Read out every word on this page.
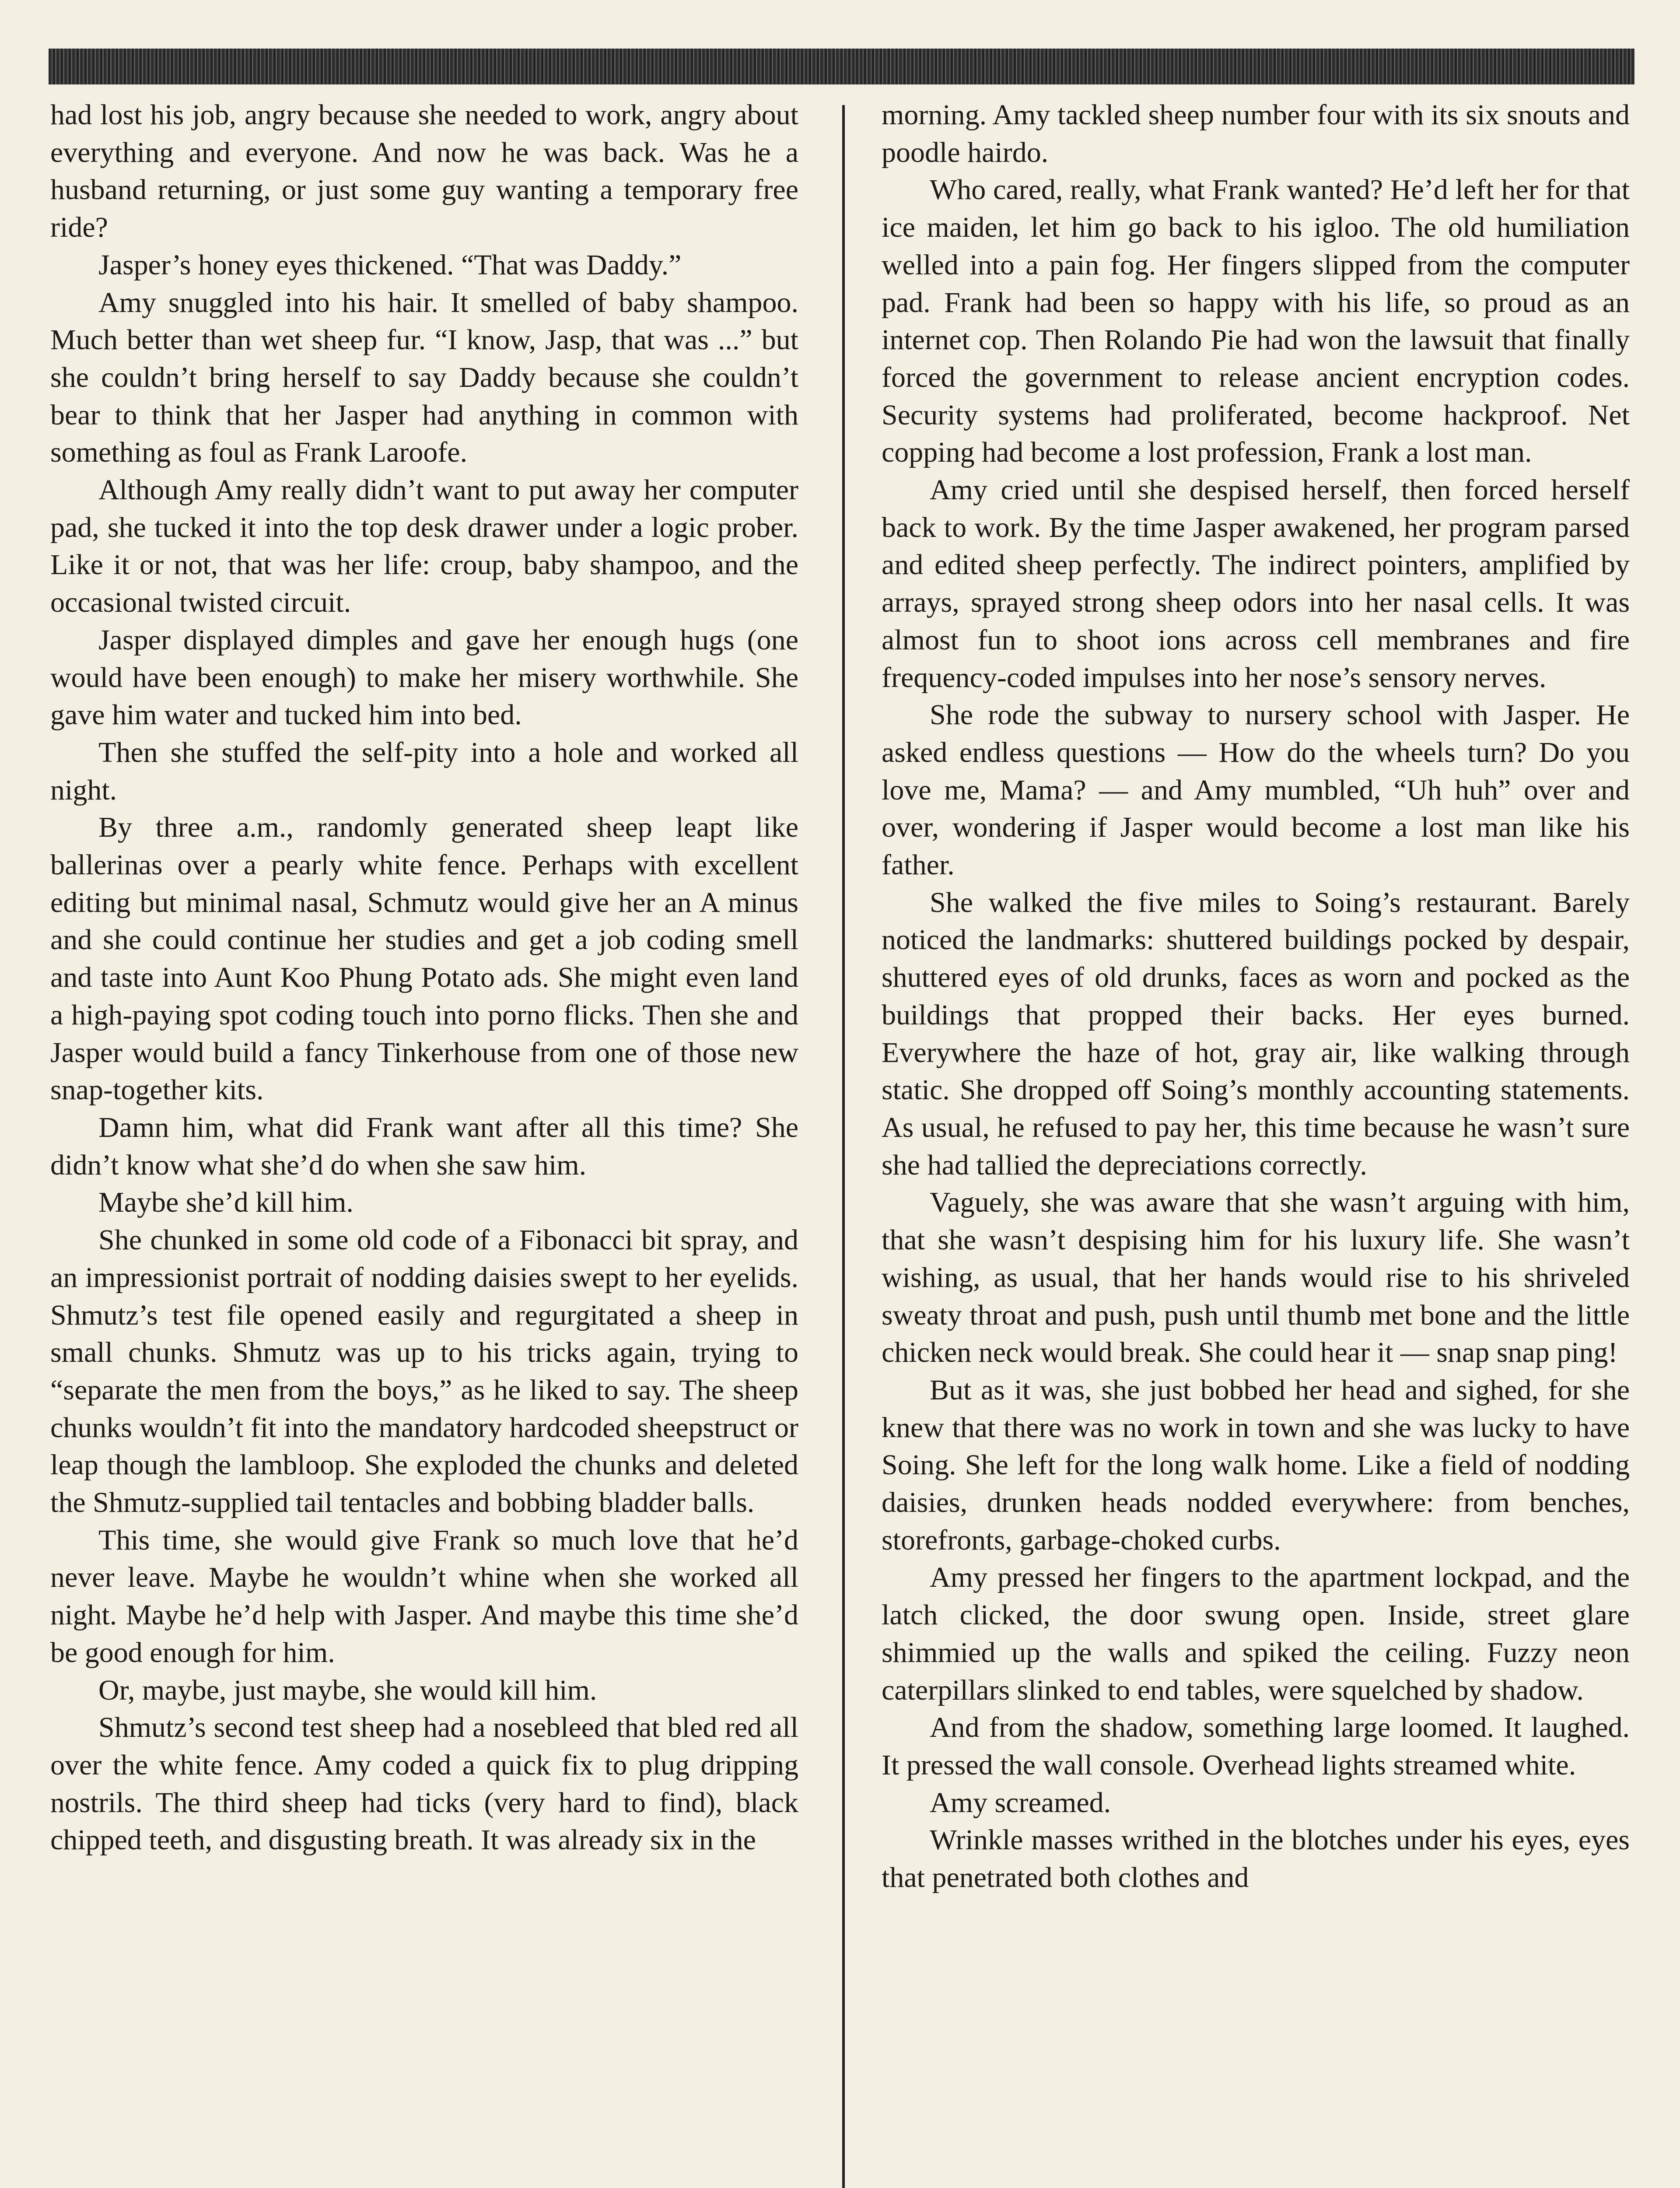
had lost his job, angry because she needed to work, angry about everything and everyone. And now he was back. Was he a husband returning, or just some guy wanting a temporary free ride?

Jasper’s honey eyes thickened. “That was Daddy.”

Amy snuggled into his hair. It smelled of baby shampoo. Much better than wet sheep fur. “I know, Jasp, that was ...” but she couldn’t bring herself to say Daddy because she couldn’t bear to think that her Jasper had anything in common with something as foul as Frank Laroofe.

Although Amy really didn’t want to put away her computer pad, she tucked it into the top desk drawer under a logic prober. Like it or not, that was her life: croup, baby shampoo, and the occasional twisted circuit.

Jasper displayed dimples and gave her enough hugs (one would have been enough) to make her misery worthwhile. She gave him water and tucked him into bed.

Then she stuffed the self-pity into a hole and worked all night.

By three a.m., randomly generated sheep leapt like ballerinas over a pearly white fence. Perhaps with excellent editing but minimal nasal, Schmutz would give her an A minus and she could continue her studies and get a job coding smell and taste into Aunt Koo Phung Potato ads. She might even land a high-paying spot coding touch into porno flicks. Then she and Jasper would build a fancy Tinkerhouse from one of those new snap-together kits.

Damn him, what did Frank want after all this time? She didn’t know what she’d do when she saw him.

Maybe she’d kill him.

She chunked in some old code of a Fibonacci bit spray, and an impressionist portrait of nodding daisies swept to her eyelids. Shmutz’s test file opened easily and regurgitated a sheep in small chunks. Shmutz was up to his tricks again, trying to “separate the men from the boys,” as he liked to say. The sheep chunks wouldn’t fit into the mandatory hardcoded sheepstruct or leap though the lambloop. She exploded the chunks and deleted the Shmutz-supplied tail tentacles and bobbing bladder balls.

This time, she would give Frank so much love that he’d never leave. Maybe he wouldn’t whine when she worked all night. Maybe he’d help with Jasper. And maybe this time she’d be good enough for him.

Or, maybe, just maybe, she would kill him.

Shmutz’s second test sheep had a nosebleed that bled red all over the white fence. Amy coded a quick fix to plug dripping nostrils. The third sheep had ticks (very hard to find), black chipped teeth, and disgusting breath. It was already six in the

morning. Amy tackled sheep number four with its six snouts and poodle hairdo.

Who cared, really, what Frank wanted? He’d left her for that ice maiden, let him go back to his igloo. The old humiliation welled into a pain fog. Her fingers slipped from the computer pad. Frank had been so happy with his life, so proud as an internet cop. Then Rolando Pie had won the lawsuit that finally forced the government to release ancient encryption codes. Security systems had proliferated, become hackproof. Net copping had become a lost profession, Frank a lost man.

Amy cried until she despised herself, then forced herself back to work. By the time Jasper awakened, her program parsed and edited sheep perfectly. The indirect pointers, amplified by arrays, sprayed strong sheep odors into her nasal cells. It was almost fun to shoot ions across cell membranes and fire frequency-coded impulses into her nose’s sensory nerves.

She rode the subway to nursery school with Jasper. He asked endless questions — How do the wheels turn? Do you love me, Mama? — and Amy mumbled, “Uh huh” over and over, wondering if Jasper would become a lost man like his father.

She walked the five miles to Soing’s restaurant. Barely noticed the landmarks: shuttered buildings pocked by despair, shuttered eyes of old drunks, faces as worn and pocked as the buildings that propped their backs. Her eyes burned. Everywhere the haze of hot, gray air, like walking through static. She dropped off Soing’s monthly accounting statements. As usual, he refused to pay her, this time because he wasn’t sure she had tallied the depreciations correctly.

Vaguely, she was aware that she wasn’t arguing with him, that she wasn’t despising him for his luxury life. She wasn’t wishing, as usual, that her hands would rise to his shriveled sweaty throat and push, push until thumb met bone and the little chicken neck would break. She could hear it — snap snap ping!

But as it was, she just bobbed her head and sighed, for she knew that there was no work in town and she was lucky to have Soing. She left for the long walk home. Like a field of nodding daisies, drunken heads nodded everywhere: from benches, storefronts, garbage-choked curbs.

Amy pressed her fingers to the apartment lockpad, and the latch clicked, the door swung open. Inside, street glare shimmied up the walls and spiked the ceiling. Fuzzy neon caterpillars slinked to end tables, were squelched by shadow.

And from the shadow, something large loomed. It laughed. It pressed the wall console. Overhead lights streamed white.

Amy screamed.

Wrinkle masses writhed in the blotches under his eyes, eyes that penetrated both clothes and
